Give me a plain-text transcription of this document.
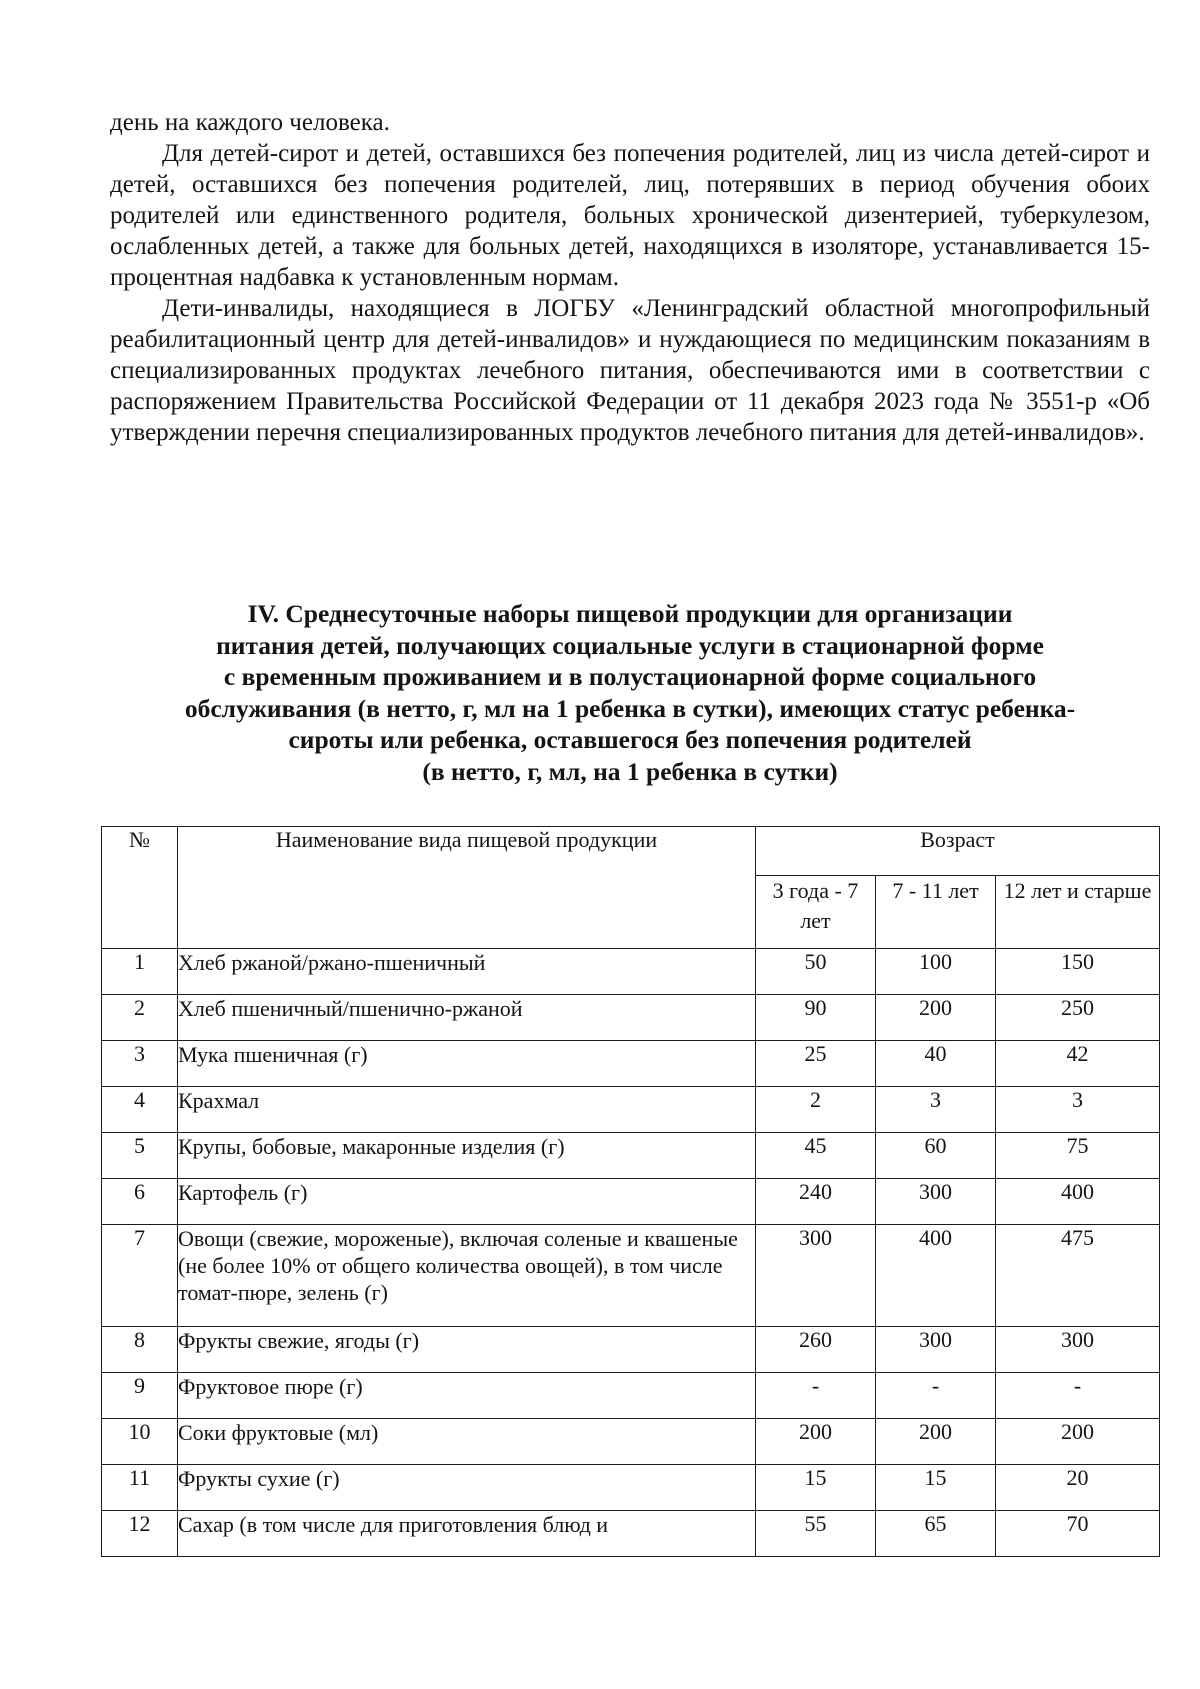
день на каждого человека.

Для детей-сирот и детей, оставшихся без попечения родителей, лиц из числа детей-сирот и детей, оставшихся без попечения родителей, лиц, потерявших в период обучения обоих родителей или единственного родителя, больных хронической дизентерией, туберкулезом, ослабленных детей, а также для больных детей, находящихся в изоляторе, устанавливается 15-процентная надбавка к установленным нормам.

Дети-инвалиды, находящиеся в ЛОГБУ «Ленинградский областной многопрофильный реабилитационный центр для детей-инвалидов» и нуждающиеся по медицинским показаниям в специализированных продуктах лечебного питания, обеспечиваются ими в соответствии с распоряжением Правительства Российской Федерации от 11 декабря 2023 года № 3551-р «Об утверждении перечня специализированных продуктов лечебного питания для детей-инвалидов».

IV. Среднесуточные наборы пищевой продукции для организации
питания детей, получающих социальные услуги в стационарной форме
с временным проживанием и в полустационарной форме социального
обслуживания (в нетто, г, мл на 1 ребенка в сутки), имеющих статус ребенка-
сироты или ребенка, оставшегося без попечения родителей
(в нетто, г, мл, на 1 ребенка в сутки)
№	Наименование вида пищевой продукции	Возраст		
		3 года - 7 лет	7 - 11 лет	12 лет и старше
1	Хлеб ржаной/ржано-пшеничный	50	100	150
2	Хлеб пшеничный/пшенично-ржаной	90	200	250
3	Мука пшеничная (г)	25	40	42
4	Крахмал	2	3	3
5	Крупы, бобовые, макаронные изделия (г)	45	60	75
6	Картофель (г)	240	300	400
7	Овощи (свежие, мороженые), включая соленые и квашеные (не более 10% от общего количества овощей), в том числе томат-пюре, зелень (г)	300	400	475
8	Фрукты свежие, ягоды (г)	260	300	300
9	Фруктовое пюре (г)	-	-	-
10	Соки фруктовые (мл)	200	200	200
11	Фрукты сухие (г)	15	15	20
12	Сахар (в том числе для приготовления блюд и	55	65	70
